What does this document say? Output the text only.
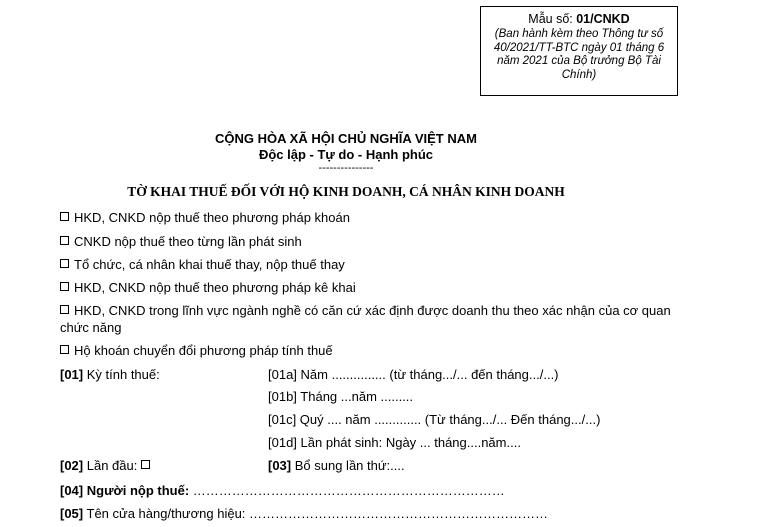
Mẫu số: 01/CNKD
(Ban hành kèm theo Thông tư số 40/2021/TT-BTC ngày 01 tháng 6 năm 2021 của Bộ trưởng Bộ Tài Chính)
CỘNG HÒA XÃ HỘI CHỦ NGHĨA VIỆT NAM
Độc lập - Tự do - Hạnh phúc
---------------
TỜ KHAI THUẾ ĐỐI VỚI HỘ KINH DOANH, CÁ NHÂN KINH DOANH
HKD, CNKD nộp thuế theo phương pháp khoán
CNKD nộp thuế theo từng lần phát sinh
Tổ chức, cá nhân khai thuế thay, nộp thuế thay
HKD, CNKD nộp thuế theo phương pháp kê khai
HKD, CNKD trong lĩnh vực ngành nghề có căn cứ xác định được doanh thu theo xác nhận của cơ quan chức năng
Hộ khoán chuyển đổi phương pháp tính thuế
[01] Kỳ tính thuế:	[01a] Năm ............... (từ tháng.../... đến tháng.../...)
[01b] Tháng ...năm .........
[01c] Quý .... năm ............. (Từ tháng.../... Đến tháng.../...)
[01d] Lần phát sinh: Ngày ... tháng....năm....
[02] Lần đầu:	[03] Bổ sung lần thứ:....
[04] Người nộp thuế: ………………………………………………………………
[05] Tên cửa hàng/thương hiệu: ……………………………………………………………
